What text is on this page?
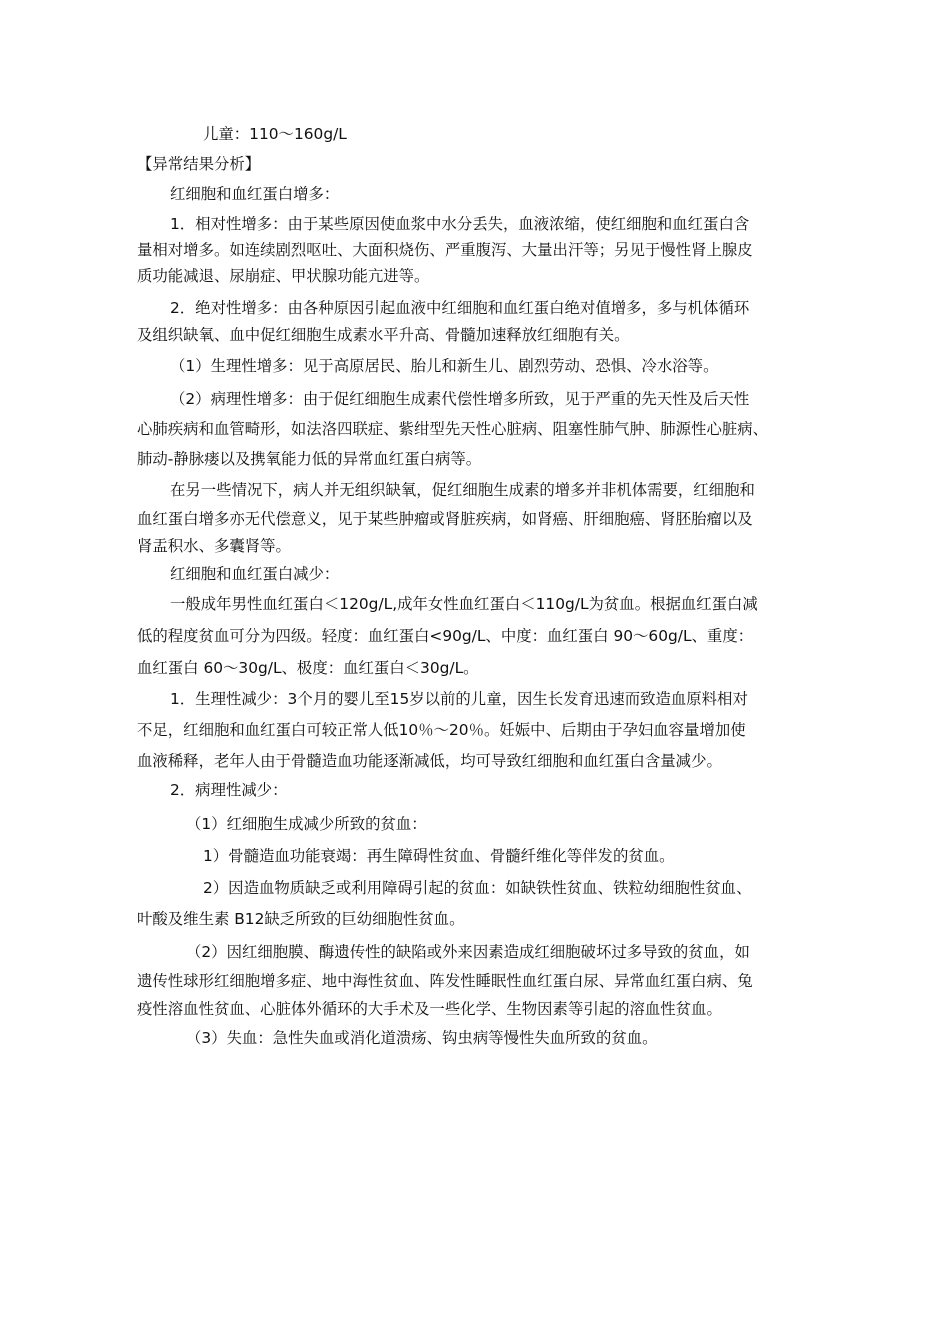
儿童：110～160g/L
【异常结果分析】
红细胞和血红蛋白增多：
1．相对性增多：由于某些原因使血浆中水分丢失，血液浓缩，使红细胞和血红蛋白含
量相对增多。如连续剧烈呕吐、大面积烧伤、严重腹泻、大量出汗等；另见于慢性肾上腺皮
质功能减退、尿崩症、甲状腺功能亢进等。
2．绝对性增多：由各种原因引起血液中红细胞和血红蛋白绝对值增多，多与机体循环
及组织缺氧、血中促红细胞生成素水平升高、骨髓加速释放红细胞有关。
（1）生理性增多：见于高原居民、胎儿和新生儿、剧烈劳动、恐惧、冷水浴等。
（2）病理性增多：由于促红细胞生成素代偿性增多所致，见于严重的先天性及后天性
心肺疾病和血管畸形，如法洛四联症、紫绀型先天性心脏病、阻塞性肺气肿、肺源性心脏病、
肺动-静脉瘘以及携氧能力低的异常血红蛋白病等。
在另一些情况下，病人并无组织缺氧，促红细胞生成素的增多并非机体需要，红细胞和
血红蛋白增多亦无代偿意义，见于某些肿瘤或肾脏疾病，如肾癌、肝细胞癌、肾胚胎瘤以及
肾盂积水、多囊肾等。
红细胞和血红蛋白减少：
一般成年男性血红蛋白＜120g/L,成年女性血红蛋白＜110g/L为贫血。根据血红蛋白减
低的程度贫血可分为四级。轻度：血红蛋白<90g/L、中度：血红蛋白 90～60g/L、重度：
血红蛋白 60～30g/L、极度：血红蛋白＜30g/L。
1．生理性减少：3个月的婴儿至15岁以前的儿童，因生长发育迅速而致造血原料相对
不足，红细胞和血红蛋白可较正常人低10％～20％。妊娠中、后期由于孕妇血容量增加使
血液稀释，老年人由于骨髓造血功能逐渐减低，均可导致红细胞和血红蛋白含量减少。
2．病理性减少：
（1）红细胞生成减少所致的贫血：
1）骨髓造血功能衰竭：再生障碍性贫血、骨髓纤维化等伴发的贫血。
2）因造血物质缺乏或利用障碍引起的贫血：如缺铁性贫血、铁粒幼细胞性贫血、
叶酸及维生素 B12缺乏所致的巨幼细胞性贫血。
（2）因红细胞膜、酶遗传性的缺陷或外来因素造成红细胞破坏过多导致的贫血，如
遗传性球形红细胞增多症、地中海性贫血、阵发性睡眠性血红蛋白尿、异常血红蛋白病、兔
疫性溶血性贫血、心脏体外循环的大手术及一些化学、生物因素等引起的溶血性贫血。
（3）失血：急性失血或消化道溃疡、钩虫病等慢性失血所致的贫血。
